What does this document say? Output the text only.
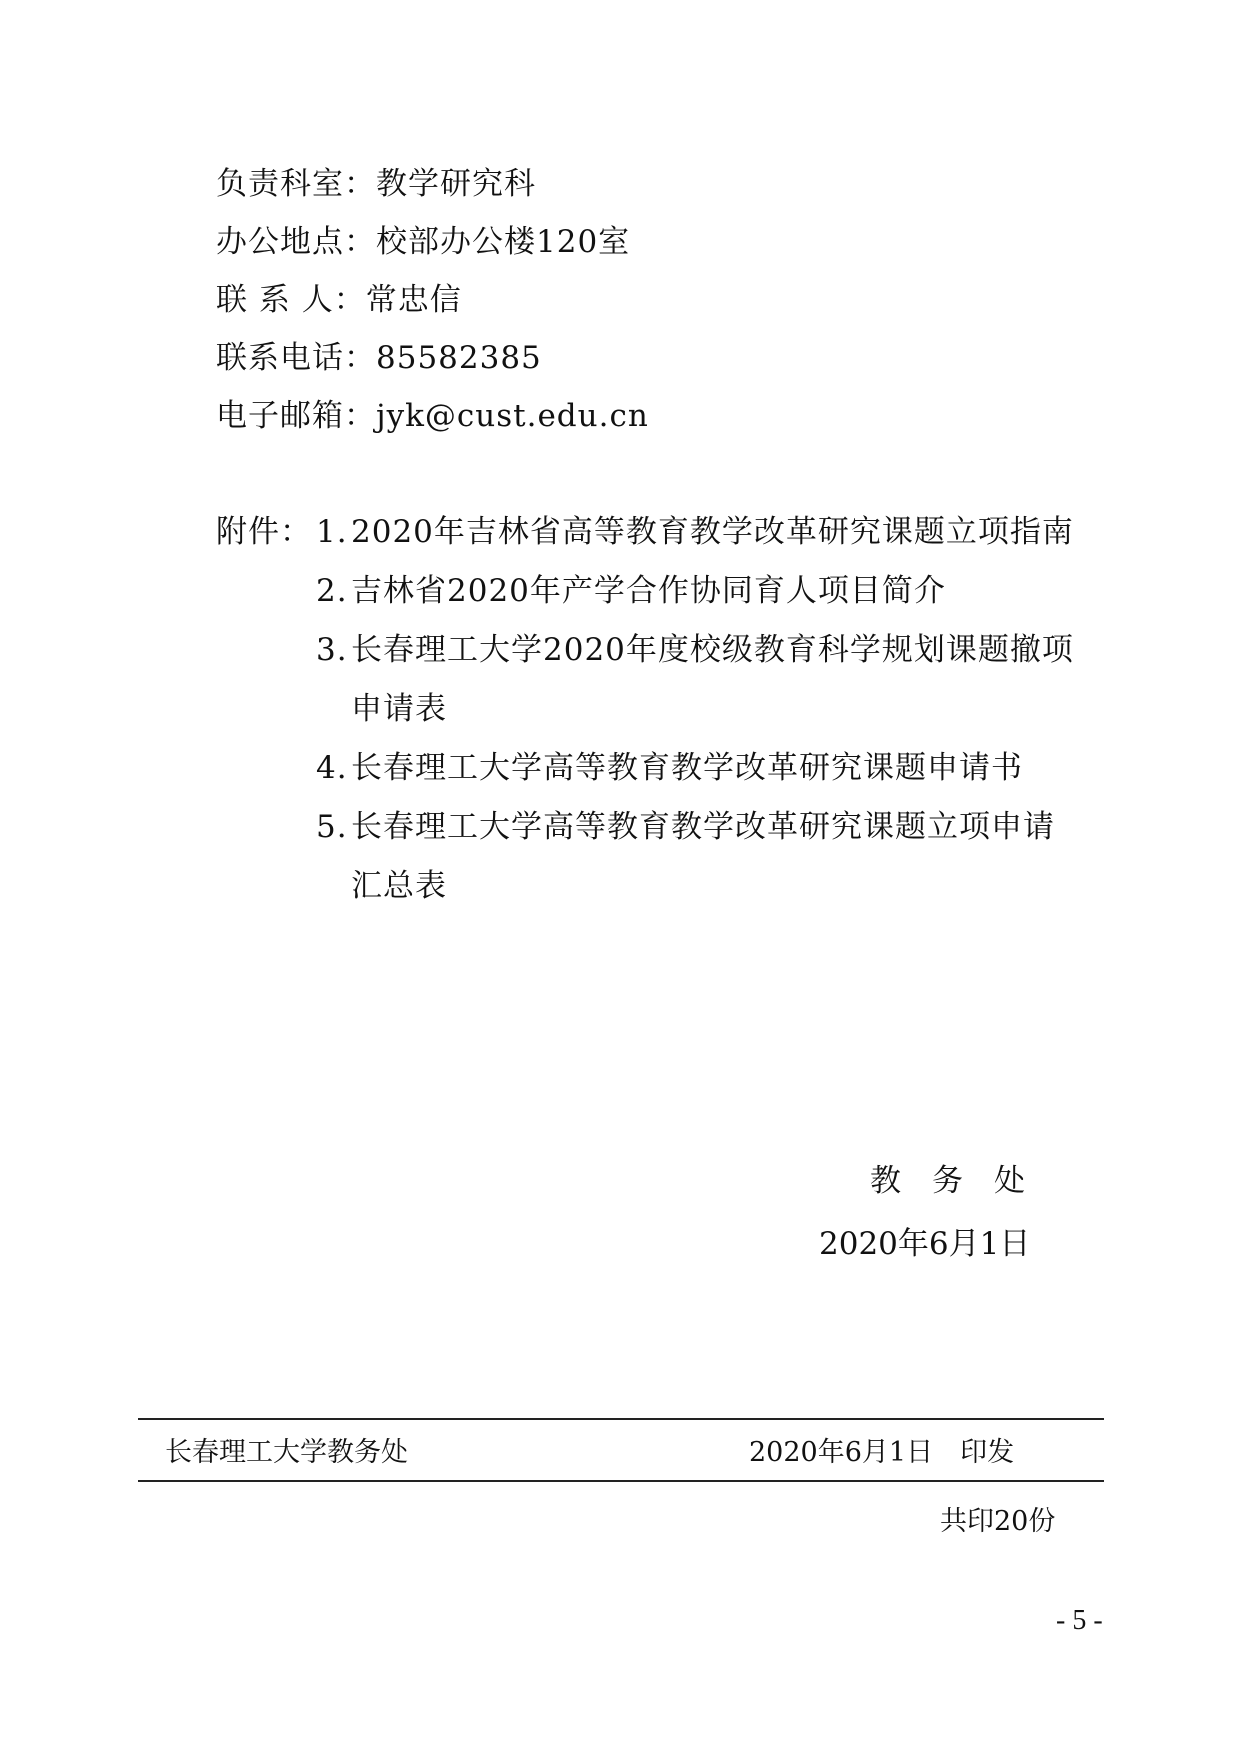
负责科室：教学研究科
办公地点：校部办公楼120室
联 系 人：常忠信
联系电话：85582385
电子邮箱：jyk@cust.edu.cn
附件： 1. 2020年吉林省高等教育教学改革研究课题立项指南
2. 吉林省2020年产学合作协同育人项目简介
3. 长春理工大学2020年度校级教育科学规划课题撤项
申请表
4. 长春理工大学高等教育教学改革研究课题申请书
5. 长春理工大学高等教育教学改革研究课题立项申请
汇总表
教　务　处
2020年6月1日
长春理工大学教务处	2020年6月1日　印发
共印20份
- 5 -
